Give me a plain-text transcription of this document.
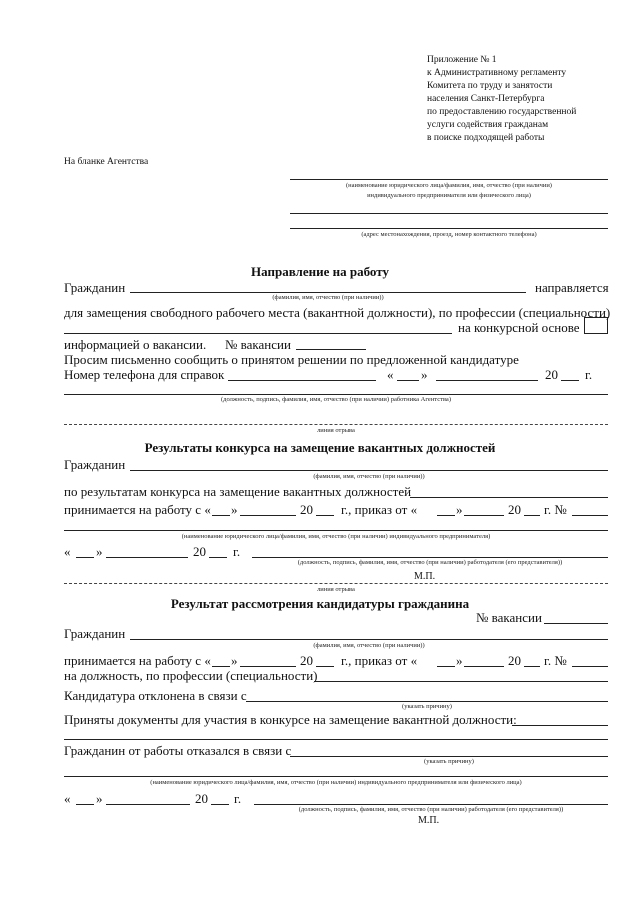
Приложение № 1
к Административному регламенту
Комитета по труду и занятости
населения Санкт-Петербурга
по предоставлению государственной
услуги содействия гражданам
в поиске подходящей работы
На бланке Агентства
(наименование юридического лица/фамилия, имя, отчество (при наличии)
индивидуального предпринимателя или физического лица)
(адрес местонахождения, проезд, номер контактного телефона)
Направление на работу
Гражданин	направляется
(фамилия, имя, отчество (при наличии))
для замещения свободного рабочего места (вакантной должности), по профессии (специальности)
на конкурсной основе
информацией о вакансии. № вакансии
Просим письменно сообщить о принятом решении по предложенной кандидатуре
Номер телефона для справок	« »	20 г.
(должность, подпись, фамилия, имя, отчество (при наличии) работника Агентства)
линия отрыва
Результаты конкурса на замещение вакантных должностей
Гражданин
(фамилия, имя, отчество (при наличии))
по результатам конкурса на замещение вакантных должностей
принимается на работу с « »	20 г., приказ от «	»	20 г. №
(наименование юридического лица/фамилия, имя, отчество (при наличии) индивидуального предпринимателя)
« »	20 г.
(должность, подпись, фамилия, имя, отчество (при наличии) работодателя (его представителя))
М.П.
линия отрыва
Результат рассмотрения кандидатуры гражданина
№ вакансии
Гражданин
(фамилия, имя, отчество (при наличии))
принимается на работу с « »	20 г., приказ от «	»	20 г. №
на должность, по профессии (специальности)
Кандидатура отклонена в связи с
(указать причину)
Приняты документы для участия в конкурсе на замещение вакантной должности:
Гражданин от работы отказался в связи с
(указать причину)
(наименование юридического лица/фамилия, имя, отчество (при наличии) индивидуального предпринимателя или физического лица)
« »	20 г.
(должность, подпись, фамилия, имя, отчество (при наличии) работодателя (его представителя))
М.П.
